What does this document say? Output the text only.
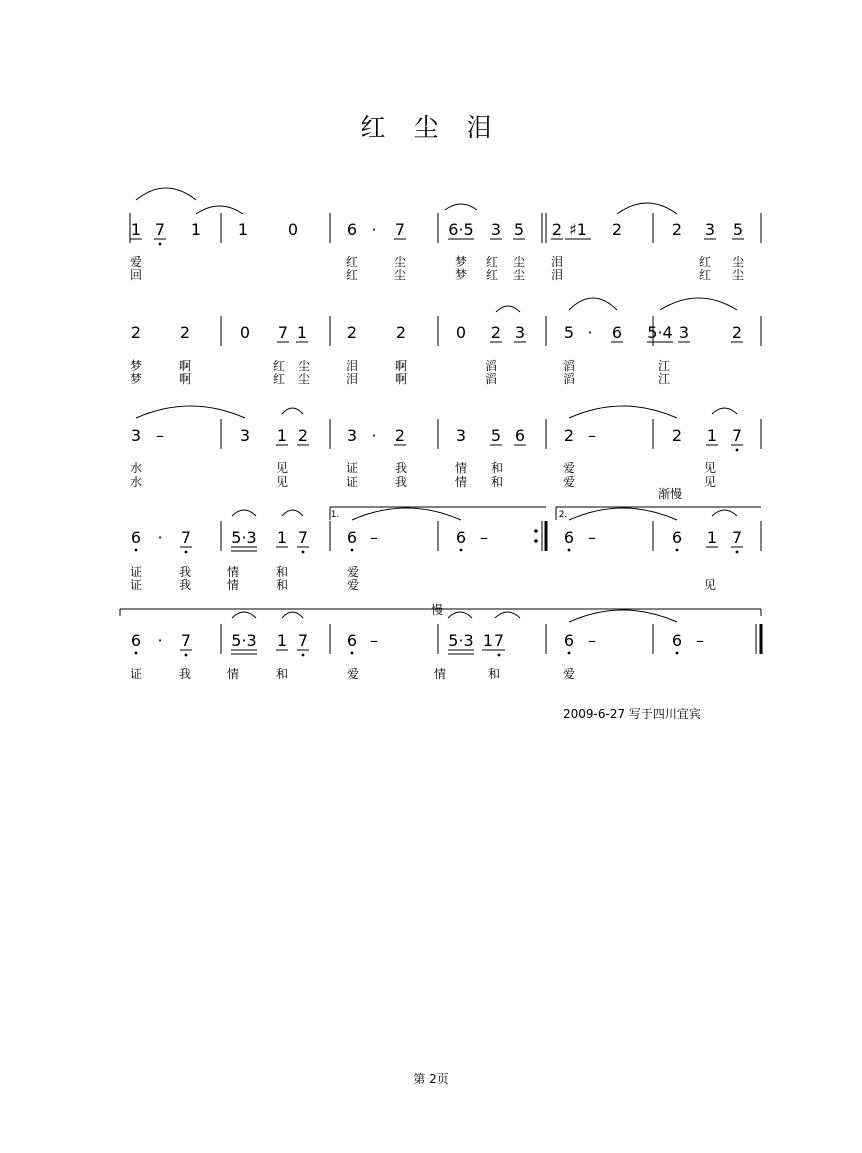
红 尘 泪
1 7 1 1 0	6 · 7	6·5 3 5 2 ♯1 2	2 3 5
爱	红	尘	梦 红 尘 泪	红 尘
回	红	尘	梦 红 尘 泪	红 尘
2 2	0 7 1 2 2	0 2 3 5 · 6 5·4 3	2
梦	啊	红 尘	泪	啊	滔	滔	江
梦	啊	红 尘	泪	啊	滔	滔	江
3 –	3 1 2 3 · 2	3 5 6 2 –	2 1 7
水	见	证	我	情 和	爱	见
水	见	证	我	情 和	爱	见
6 · 7	5·3 1 7 6 –	6 –	6 –	6 1 7
证	我	情	和	爱
证	我	情	和	爱	见
6 · 7	5·3 1 7 6 –	5·3 1 7	6 –	6 –
证	我	情	和	爱	情	和	爱
1.	2.
渐慢
慢
2009-6-27 写于四川宜宾
第 2页
